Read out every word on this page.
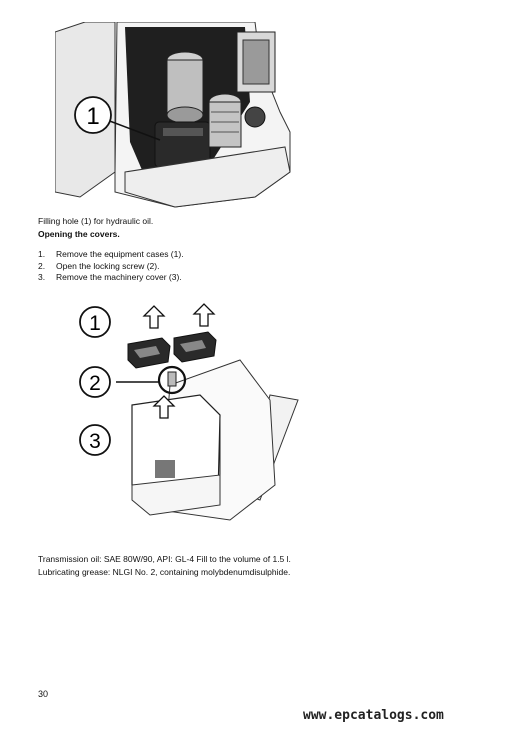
1
Filling hole (1) for hydraulic oil.
Opening the covers.
1.	Remove the equipment cases (1).
2.	Open the locking screw (2).
3.	Remove the machinery cover (3).
1
2
3
Transmission oil: SAE 80W/90, API: GL-4 Fill to the volume of 1.5 l.
Lubricating grease: NLGI No. 2, containing molybdenumdisulphide.
30
www.epcatalogs.com
